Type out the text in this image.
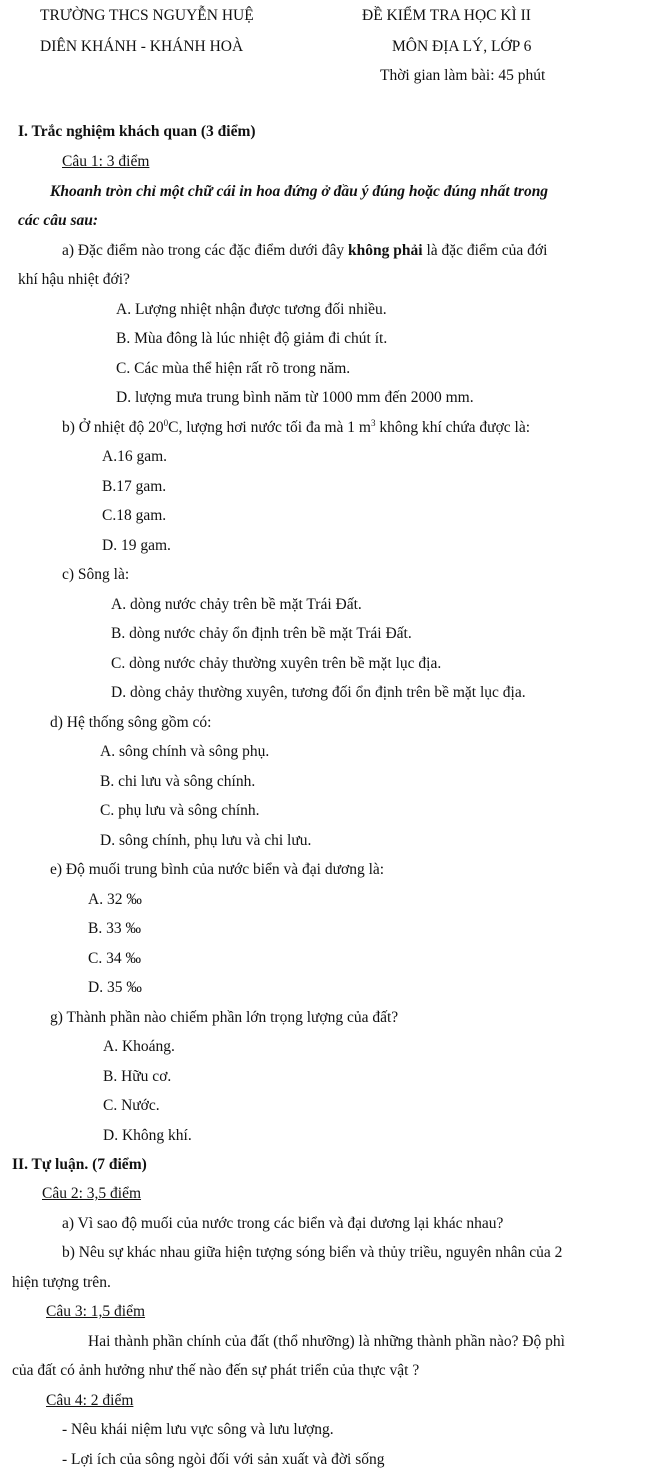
TRƯỜNG THCS NGUYỄN HUỆ
DIÊN KHÁNH - KHÁNH HOÀ
ĐỀ KIỂM TRA HỌC KÌ II
MÔN ĐỊA LÝ, LỚP 6
Thời gian làm bài: 45 phút
I. Trắc nghiệm khách quan (3 điểm)
Câu 1: 3 điểm
Khoanh tròn chỉ một chữ cái in hoa đứng ở đầu ý đúng hoặc đúng nhất trong
các câu sau:
a) Đặc điểm nào trong các đặc điểm dưới đây không phải là đặc điểm của đới
khí hậu nhiệt đới?
A. Lượng nhiệt nhận được tương đối nhiều.
B. Mùa đông là lúc nhiệt độ giảm đi chút ít.
C. Các mùa thể hiện rất rõ trong năm.
D. lượng mưa trung bình năm từ 1000 mm đến 2000 mm.
b) Ở nhiệt độ $20^0C$, lượng hơi nước tối đa mà 1 $m^3$ không khí chứa được là:
A.16 gam.
B.17 gam.
C.18 gam.
D. 19 gam.
c) Sông là:
A. dòng nước chảy trên bề mặt Trái Đất.
B. dòng nước chảy ổn định trên bề mặt Trái Đất.
C. dòng nước chảy thường xuyên trên bề mặt lục địa.
D. dòng chảy thường xuyên, tương đối ổn định trên bề mặt lục địa.
d) Hệ thống sông gồm có:
A. sông chính và sông phụ.
B. chi lưu và sông chính.
C. phụ lưu và sông chính.
D. sông chính, phụ lưu và chi lưu.
e) Độ muối trung bình của nước biển và đại dương là:
A. 32 ‰
B. 33 ‰
C. 34 ‰
D. 35 ‰
g) Thành phần nào chiếm phần lớn trọng lượng của đất?
A. Khoáng.
B. Hữu cơ.
C. Nước.
D. Không khí.
II. Tự luận. (7 điểm)
Câu 2: 3,5 điểm
a) Vì sao độ muối của nước trong các biển và đại dương lại khác nhau?
b) Nêu sự khác nhau giữa hiện tượng sóng biển và thủy triều, nguyên nhân của 2
hiện tượng trên.
Câu 3: 1,5 điểm
Hai thành phần chính của đất (thổ nhưỡng) là những thành phần nào? Độ phì
của đất có ảnh hưởng như thế nào đến sự phát triển của thực vật ?
Câu 4: 2 điểm
- Nêu khái niệm lưu vực sông và lưu lượng.
- Lợi ích của sông ngòi đối với sản xuất và đời sống
